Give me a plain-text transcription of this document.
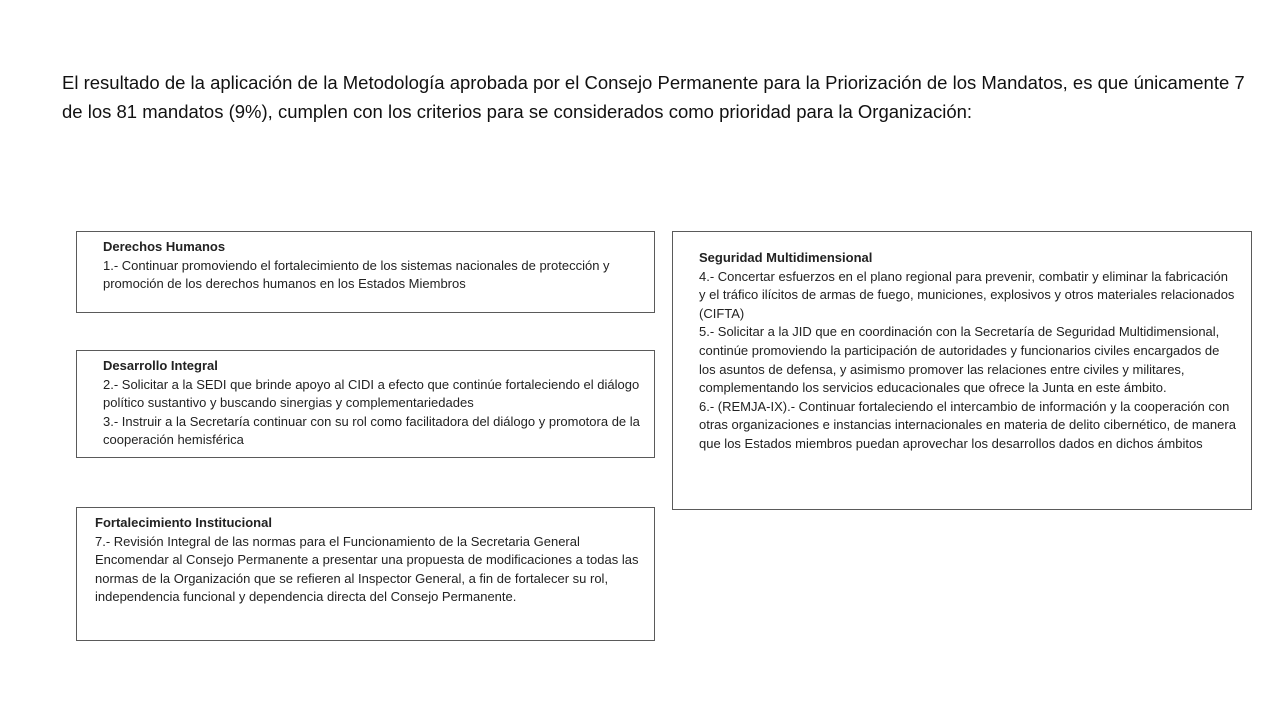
El resultado de la aplicación de la Metodología aprobada por el Consejo Permanente para la Priorización de los Mandatos, es que únicamente 7 de los 81 mandatos (9%), cumplen con los criterios para se considerados como prioridad para la Organización:

Derechos Humanos
1.- Continuar promoviendo el fortalecimiento de los sistemas nacionales de protección y promoción de los derechos humanos en los Estados Miembros
Desarrollo Integral
2.- Solicitar a la SEDI que brinde apoyo al CIDI a efecto que continúe fortaleciendo el diálogo político sustantivo y buscando sinergias y complementariedades
3.- Instruir a la Secretaría continuar con su rol como facilitadora del diálogo y promotora de la cooperación hemisférica
Fortalecimiento Institucional
7.- Revisión Integral de las normas para el Funcionamiento de la Secretaria General Encomendar al Consejo Permanente a presentar una propuesta de modificaciones a todas las normas de la Organización que se refieren al Inspector General, a fin de fortalecer su rol, independencia funcional y dependencia directa del Consejo Permanente.
Seguridad Multidimensional
4.- Concertar esfuerzos en el plano regional para prevenir, combatir y eliminar la fabricación y el tráfico ilícitos de armas de fuego, municiones, explosivos y otros materiales relacionados (CIFTA)
5.- Solicitar a la JID que en coordinación con la Secretaría de Seguridad Multidimensional, continúe promoviendo la participación de autoridades y funcionarios civiles encargados de los asuntos de defensa, y asimismo promover las relaciones entre civiles y militares, complementando los servicios educacionales que ofrece la Junta en este ámbito.
6.- (REMJA-IX).- Continuar fortaleciendo el intercambio de información y la cooperación con otras organizaciones e instancias internacionales en materia de delito cibernético, de manera que los Estados miembros puedan aprovechar los desarrollos dados en dichos ámbitos
